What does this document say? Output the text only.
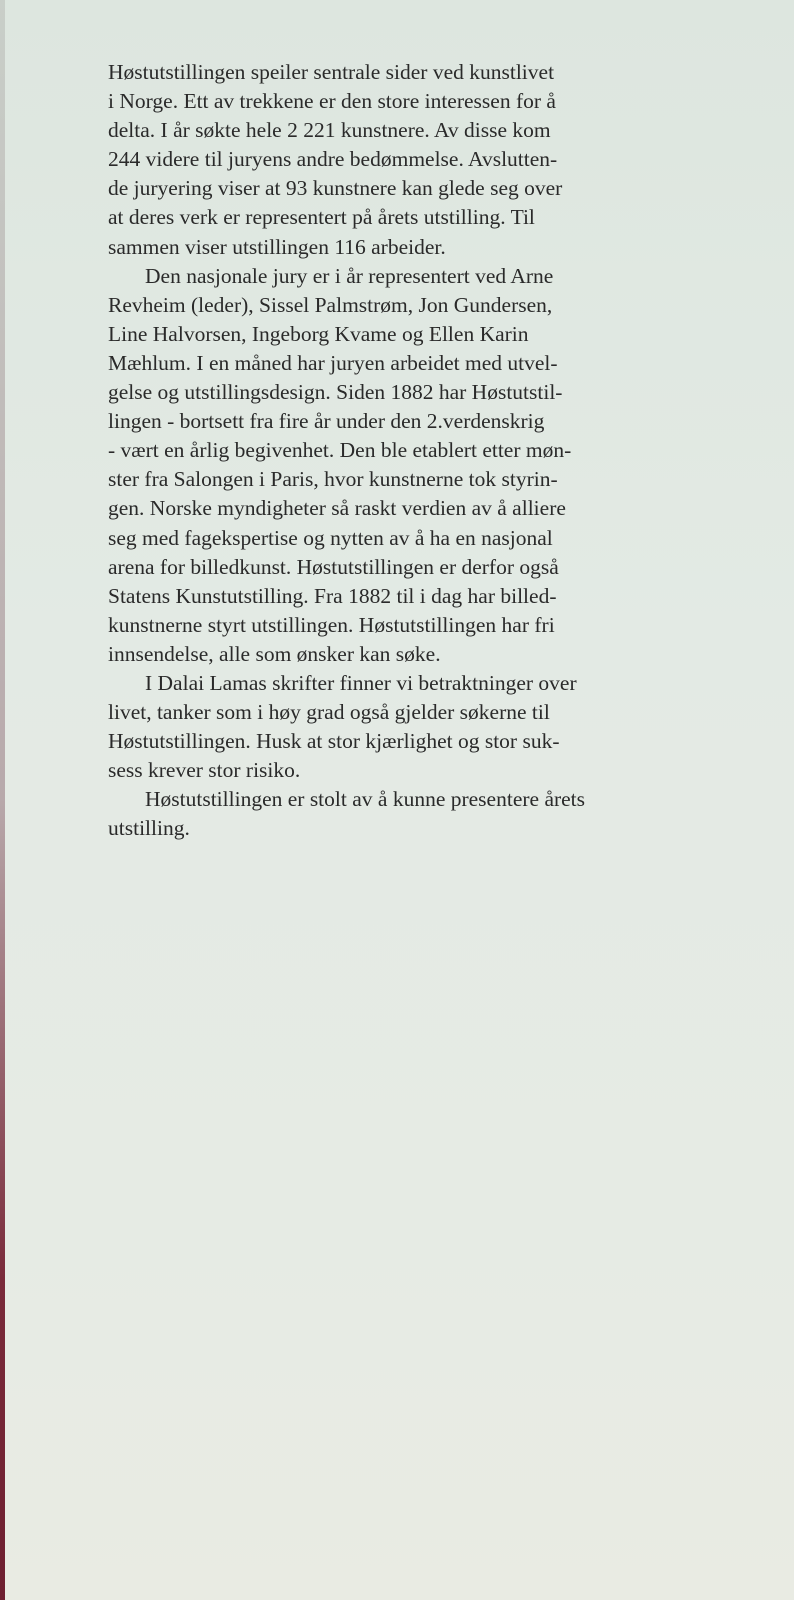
Høstutstillingen speiler sentrale sider ved kunstlivet
i Norge. Ett av trekkene er den store interessen for å
delta. I år søkte hele 2 221 kunstnere. Av disse kom
244 videre til juryens andre bedømmelse. Avslutten-
de juryering viser at 93 kunstnere kan glede seg over
at deres verk er representert på årets utstilling. Til
sammen viser utstillingen 116 arbeider.
Den nasjonale jury er i år representert ved Arne
Revheim (leder), Sissel Palmstrøm, Jon Gundersen,
Line Halvorsen, Ingeborg Kvame og Ellen Karin
Mæhlum. I en måned har juryen arbeidet med utvel-
gelse og utstillingsdesign. Siden 1882 har Høstutstil-
lingen - bortsett fra fire år under den 2.verdenskrig
- vært en årlig begivenhet. Den ble etablert etter møn-
ster fra Salongen i Paris, hvor kunstnerne tok styrin-
gen. Norske myndigheter så raskt verdien av å alliere
seg med fagekspertise og nytten av å ha en nasjonal
arena for billedkunst. Høstutstillingen er derfor også
Statens Kunstutstilling. Fra 1882 til i dag har billed-
kunstnerne styrt utstillingen. Høstutstillingen har fri
innsendelse, alle som ønsker kan søke.
I Dalai Lamas skrifter finner vi betraktninger over
livet, tanker som i høy grad også gjelder søkerne til
Høstutstillingen. Husk at stor kjærlighet og stor suk-
sess krever stor risiko.
Høstutstillingen er stolt av å kunne presentere årets
utstilling.
